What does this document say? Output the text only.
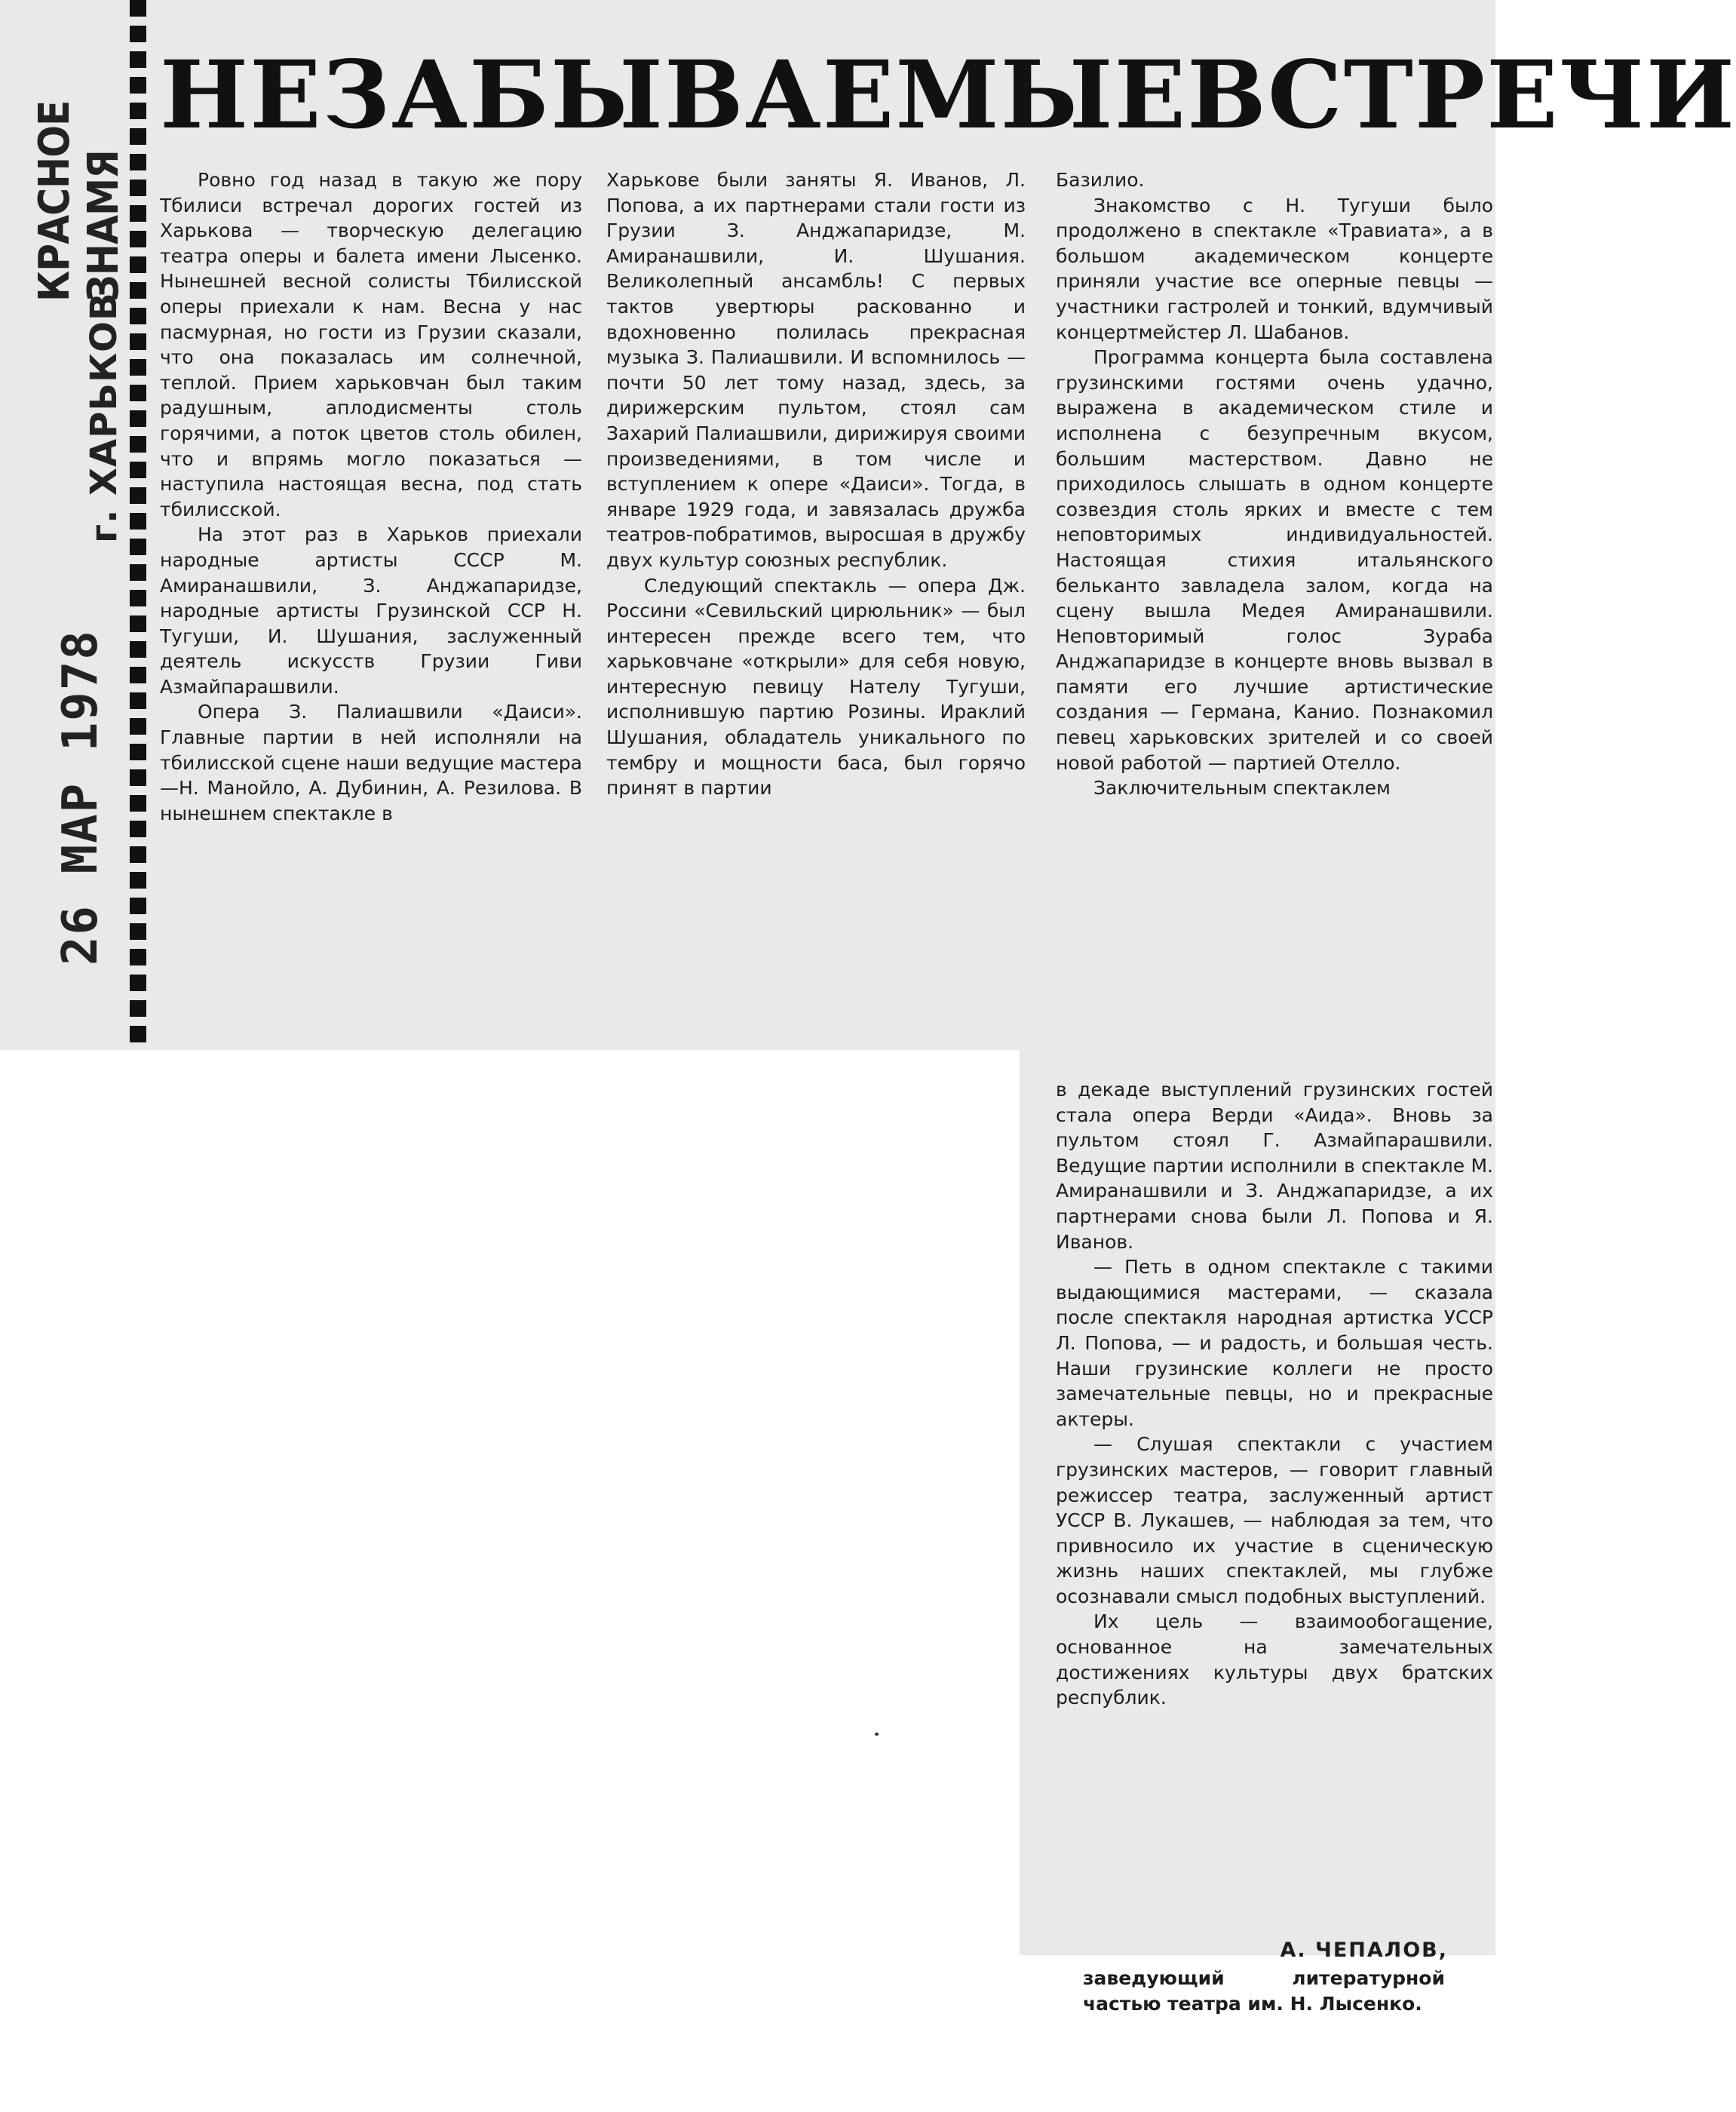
КРАСНОЕ ЗНАМЯ
г. ХАРЬКОВ
26 МАР 1978
НЕЗАБЫВАЕМЫЕ ВСТРЕЧИ

Ровно год назад в такую же пору Тбилиси встречал дорогих гостей из Харькова — творческую делегацию театра оперы и балета имени Лысенко. Нынешней весной солисты Тбилисской оперы приехали к нам. Весна у нас пасмурная, но гости из Грузии сказали, что она показалась им солнечной, теплой. Прием харьковчан был таким радушным, аплодисменты столь горячими, а поток цветов столь обилен, что и впрямь могло показаться — наступила настоящая весна, под стать тбилисской.

На этот раз в Харьков приехали народные артисты СССР М. Амиранашвили, З. Анджапаридзе, народные артисты Грузинской ССР Н. Тугуши, И. Шушания, заслуженный деятель искусств Грузии Гиви Азмайпарашвили.

Опера З. Палиашвили «Даиси». Главные партии в ней исполняли на тбилисской сцене наши ведущие мастера—Н. Манойло, А. Дубинин, А. Резилова. В нынешнем спектакле в

Харькове были заняты Я. Иванов, Л. Попова, а их партнерами стали гости из Грузии З. Анджапаридзе, М. Амиранашвили, И. Шушания. Великолепный ансамбль! С первых тактов увертюры раскованно и вдохновенно полилась прекрасная музыка З. Палиашвили. И вспомнилось — почти 50 лет тому назад, здесь, за дирижерским пультом, стоял сам Захарий Палиашвили, дирижируя своими произведениями, в том числе и вступлением к опере «Даиси». Тогда, в январе 1929 года, и завязалась дружба театров-побратимов, выросшая в дружбу двух культур союзных республик.

Следующий спектакль — опера Дж. Россини «Севильский цирюльник» — был интересен прежде всего тем, что харьковчане «открыли» для себя новую, интересную певицу Нателу Тугуши, исполнившую партию Розины. Ираклий Шушания, обладатель уникального по тембру и мощности баса, был горячо принят в партии

Базилио.

Знакомство с Н. Тугуши было продолжено в спектакле «Травиата», а в большом академическом концерте приняли участие все оперные певцы — участники гастролей и тонкий, вдумчивый концертмейстер Л. Шабанов.

Программа концерта была составлена грузинскими гостями очень удачно, выражена в академическом стиле и исполнена с безупречным вкусом, большим мастерством. Давно не приходилось слышать в одном концерте созвездия столь ярких и вместе с тем неповторимых индивидуальностей. Настоящая стихия итальянского бельканто завладела залом, когда на сцену вышла Медея Амиранашвили. Неповторимый голос Зураба Анджапаридзе в концерте вновь вызвал в памяти его лучшие артистические создания — Германа, Канио. Познакомил певец харьковских зрителей и со своей новой работой — партией Отелло.

Заключительным спектаклем

в декаде выступлений грузинских гостей стала опера Верди «Аида». Вновь за пультом стоял Г. Азмайпарашвили. Ведущие партии исполнили в спектакле М. Амиранашвили и З. Анджапаридзе, а их партнерами снова были Л. Попова и Я. Иванов.

— Петь в одном спектакле с такими выдающимися мастерами, — сказала после спектакля народная артистка УССР Л. Попова, — и радость, и большая честь. Наши грузинские коллеги не просто замечательные певцы, но и прекрасные актеры.

— Слушая спектакли с участием грузинских мастеров, — говорит главный режиссер театра, заслуженный артист УССР В. Лукашев, — наблюдая за тем, что привносило их участие в сценическую жизнь наших спектаклей, мы глубже осознавали смысл подобных выступлений.

Их цель — взаимообогащение, основанное на замечательных достижениях культуры двух братских республик.

А. ЧЕПАЛОВ,

заведующий литературной частью театра им. Н. Лысенко.
